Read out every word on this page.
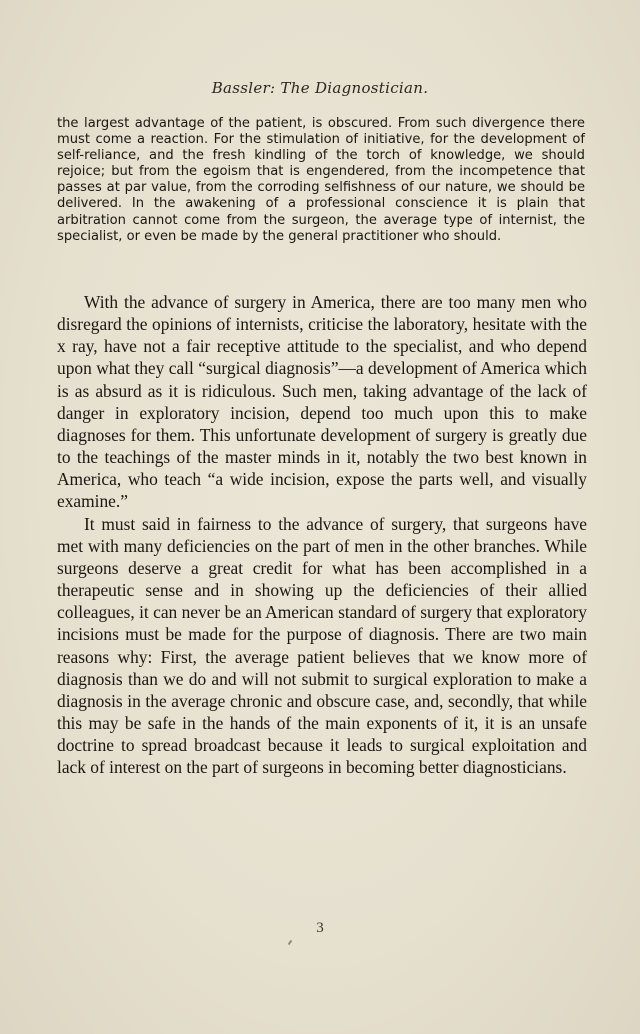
Bassler: The Diagnostician.
the largest advantage of the patient, is obscured. From such divergence there must come a reaction. For the stimulation of initiative, for the development of self-reliance, and the fresh kindling of the torch of knowledge, we should rejoice; but from the egoism that is engendered, from the incompetence that passes at par value, from the corroding selfishness of our nature, we should be delivered. In the awakening of a professional conscience it is plain that arbitration cannot come from the surgeon, the average type of internist, the specialist, or even be made by the general practitioner who should.

With the advance of surgery in America, there are too many men who disregard the opinions of internists, criticise the laboratory, hesitate with the x ray, have not a fair receptive attitude to the specialist, and who depend upon what they call “surgical diagnosis”—a development of America which is as absurd as it is ridiculous. Such men, taking advantage of the lack of danger in exploratory incision, depend too much upon this to make diagnoses for them. This unfortunate development of surgery is greatly due to the teachings of the master minds in it, notably the two best known in America, who teach “a wide incision, expose the parts well, and visually examine.”

It must said in fairness to the advance of surgery, that surgeons have met with many deficiencies on the part of men in the other branches. While surgeons deserve a great credit for what has been accomplished in a therapeutic sense and in showing up the deficiencies of their allied colleagues, it can never be an American standard of surgery that exploratory incisions must be made for the purpose of diagnosis. There are two main reasons why: First, the average patient believes that we know more of diagnosis than we do and will not submit to surgical exploration to make a diagnosis in the average chronic and obscure case, and, secondly, that while this may be safe in the hands of the main exponents of it, it is an unsafe doctrine to spread broadcast because it leads to surgical exploitation and lack of interest on the part of surgeons in becoming better diagnosticians.

3
